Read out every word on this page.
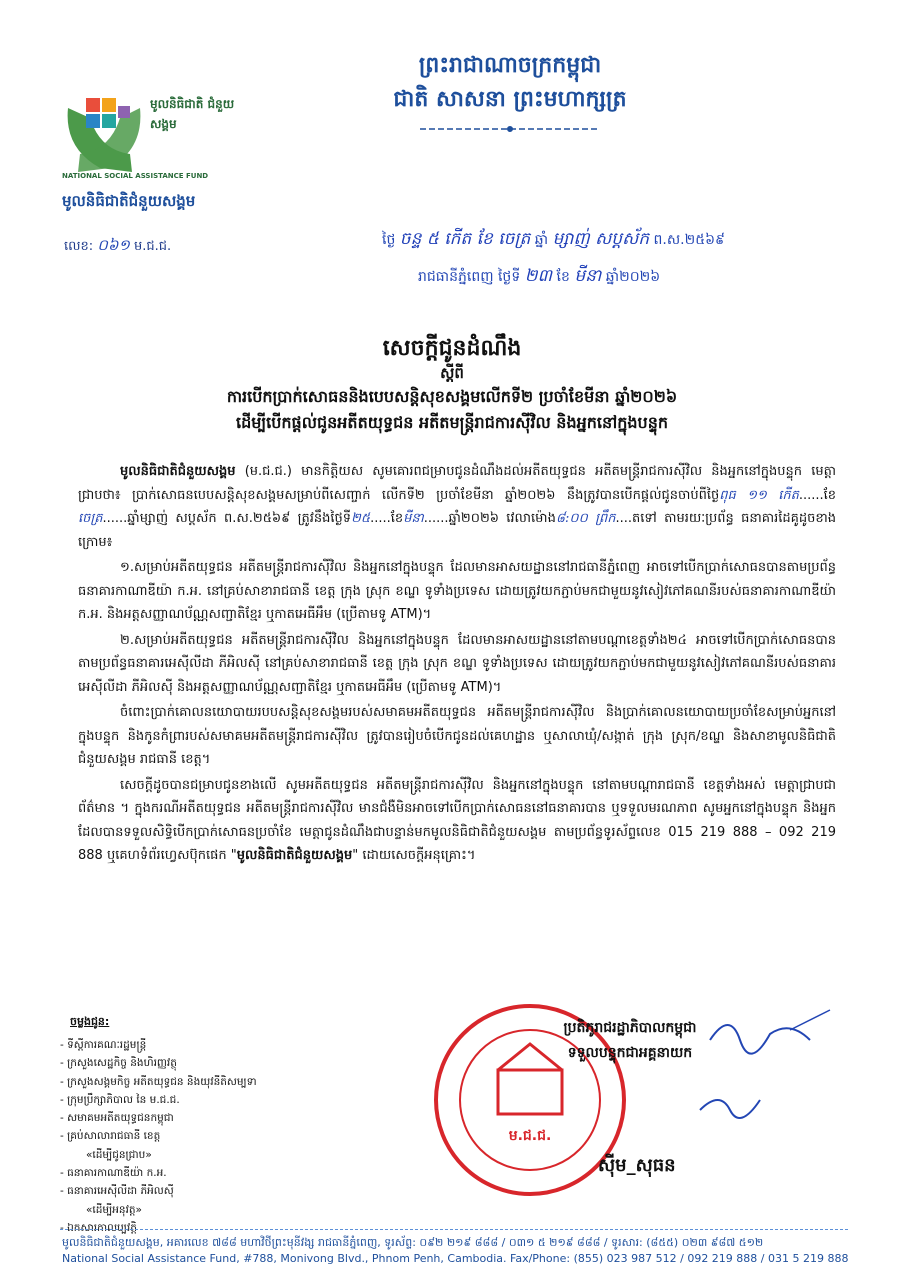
មូលនិធិជាតិ ជំនួយសង្គម
NATIONAL SOCIAL ASSISTANCE FUND
មូលនិធិជាតិជំនួយសង្គម
ព្រះរាជាណាចក្រកម្ពុជា
ជាតិ សាសនា ព្រះមហាក្សត្រ
លេខ: ០៦១ ម.ជ.ជ.	ថ្ងៃ ចន្ទ ៥ កើត ខែ ចេត្រ ឆ្នាំ ម្សាញ់ សប្តស័ក ព.ស.២៥៦៩
រាជធានីភ្នំពេញ ថ្ងៃទី ២៣ ខែ មីនា ឆ្នាំ២០២៦
សេចក្តីជូនដំណឹង
ស្តីពី
ការបើកប្រាក់សោធននិងបេបសន្តិសុខសង្គមលើកទី២ ប្រចាំខែមីនា ឆ្នាំ២០២៦
ដើម្បីបើកផ្តល់ជូនអតីតយុទ្ធជន អតីតមន្ត្រីរាជការស៊ីវិល និងអ្នកនៅក្នុងបន្ទុក

មូលនិធិជាតិជំនួយសង្គម (ម.ជ.ជ.) មានកិត្តិយស សូមគោរពជម្រាបជូនដំណឹងដល់អតីតយុទ្ធជន អតីតមន្ត្រីរាជការស៊ីវិល និងអ្នកនៅក្នុងបន្ទុក មេត្តាជ្រាបថា៖ ប្រាក់សោធនបេបសន្តិសុខសង្គមសម្រាប់ពីសេញ្ចាក់ លើកទី២ ប្រចាំខែមីនា ឆ្នាំ២០២៦ នឹងត្រូវបានបើកផ្តល់ជូនចាប់ពីថ្ងៃពុធ ១១ កើត......ខែចេត្រ......ឆ្នាំម្សាញ់ សប្តស័ក ព.ស.២៥៦៩ ត្រូវនឹងថ្ងៃទី២៥.....ខែមីនា......ឆ្នាំ២០២៦ វេលាម៉ោង៨:០០ ព្រឹក....តទៅ តាមរយៈប្រព័ន្ធ ធនាគារដៃគូដូចខាងក្រោម៖

១.សម្រាប់អតីតយុទ្ធជន អតីតមន្ត្រីរាជការស៊ីវិល និងអ្នកនៅក្នុងបន្ទុក ដែលមានអាសយដ្ឋាននៅរាជធានីភ្នំពេញ អាចទៅបើកប្រាក់សោធនបានតាមប្រព័ន្ធធនាគារកាណាឌីយ៉ា ក.អ. នៅគ្រប់សាខារាជធានី ខេត្ត ក្រុង ស្រុក ខណ្ឌ ទូទាំងប្រទេស ដោយត្រូវយកភ្ជាប់មកជាមួយនូវសៀវភៅគណនីរបស់ធនាគារកាណាឌីយ៉ា ក.អ. និងអត្តសញ្ញាណប័ណ្ណសញ្ជាតិខ្មែរ ឬកាតអេធីអឹម (ប្រើតាមទូ ATM)។

២.សម្រាប់អតីតយុទ្ធជន អតីតមន្ត្រីរាជការស៊ីវិល និងអ្នកនៅក្នុងបន្ទុក ដែលមានអាសយដ្ឋាននៅតាមបណ្តាខេត្តទាំង២៤ អាចទៅបើកប្រាក់សោធនបានតាមប្រព័ន្ធធនាគារអេស៊ីលីដា ភីអិលស៊ី នៅគ្រប់សាខារាជធានី ខេត្ត ក្រុង ស្រុក ខណ្ឌ ទូទាំងប្រទេស ដោយត្រូវយកភ្ជាប់មកជាមួយនូវសៀវភៅគណនីរបស់ធនាគារអេស៊ីលីដា ភីអិលស៊ី និងអត្តសញ្ញាណប័ណ្ណសញ្ជាតិខ្មែរ ឬកាតអេធីអឹម (ប្រើតាមទូ ATM)។

ចំពោះប្រាក់គោលនយោបាយរបបសន្តិសុខសង្គមរបស់សមាគមអតីតយុទ្ធជន អតីតមន្ត្រីរាជការស៊ីវិល និងប្រាក់គោលនយោបាយប្រចាំខែសម្រាប់អ្នកនៅក្នុងបន្ទុក និងកូនកំព្រារបស់សមាគមអតីតមន្ត្រីរាជការស៊ីវិល ត្រូវបានរៀបចំបើកជូនដល់គេហដ្ឋាន ឬសាលាឃុំ/សង្កាត់ ក្រុង ស្រុក/ខណ្ឌ និងសាខាមូលនិធិជាតិជំនួយសង្គម រាជធានី ខេត្ត។

សេចក្តីដូចបានជម្រាបជូនខាងលើ សូមអតីតយុទ្ធជន អតីតមន្ត្រីរាជការស៊ីវិល និងអ្នកនៅក្នុងបន្ទុក នៅតាមបណ្តារាជធានី ខេត្តទាំងអស់ មេត្តាជ្រាបជាព័ត៌មាន ។ ក្នុងករណីអតីតយុទ្ធជន អតីតមន្ត្រីរាជការស៊ីវិល មានជំងឺមិនអាចទៅបើកប្រាក់សោធននៅធនាគារបាន ឬទទួលមរណភាព សូមអ្នកនៅក្នុងបន្ទុក និងអ្នកដែលបានទទួលសិទ្ធិបើកប្រាក់សោធនប្រចាំខែ មេត្តាជូនដំណឹងជាបន្ទាន់មកមូលនិធិជាតិជំនួយសង្គម តាមប្រព័ន្ធទូរស័ព្ទលេខ 015 219 888 – 092 219 888 ឬគេហទំព័រហ្វេសប៊ុកផេក "មូលនិធិជាតិជំនួយសង្គម" ដោយសេចក្តីអនុគ្រោះ។

ចម្លងជូន:
- ទីស្តីការគណៈរដ្ឋមន្ត្រី
- ក្រសួងសេដ្ឋកិច្ច និងហិរញ្ញវត្ថុ
- ក្រសួងសង្គមកិច្ច អតីតយុទ្ធជន និងយុវនីតិសម្បទា
- ក្រុមប្រឹក្សាភិបាល នៃ ម.ជ.ជ.
- សមាគមអតីតយុទ្ធជនកម្ពុជា
- គ្រប់សាលារាជធានី ខេត្ត
«ដើម្បីជូនជ្រាប»
- ធនាគារកាណាឌីយ៉ា ក.អ.
- ធនាគារអេស៊ីលីដា ភីអិលស៊ី
«ដើម្បីអនុវត្ត»
- ឯកសារកាលប្បវត្តិ
ម.ជ.ជ.
ប្រតិភូរាជរដ្ឋាភិបាលកម្ពុជា
ទទួលបន្ទុកជាអគ្គនាយក
ស៊ីម_សុធន
មូលនិធិជាតិជំនួយសង្គម, អគារលេខ ៧៨៨ មហាវិថីព្រះមុនីវង្ស រាជធានីភ្នំពេញ, ទូរស័ព្ទ: ០៩២ ២១៩ ៨៨៨ / ០៣១ ៥ ២១៩ ៨៨៨ / ទូរសារ: (៨៥៥) ០២៣ ៩៨៧ ៥១២
National Social Assistance Fund, #788, Monivong Blvd., Phnom Penh, Cambodia. Fax/Phone: (855) 023 987 512 / 092 219 888 / 031 5 219 888
